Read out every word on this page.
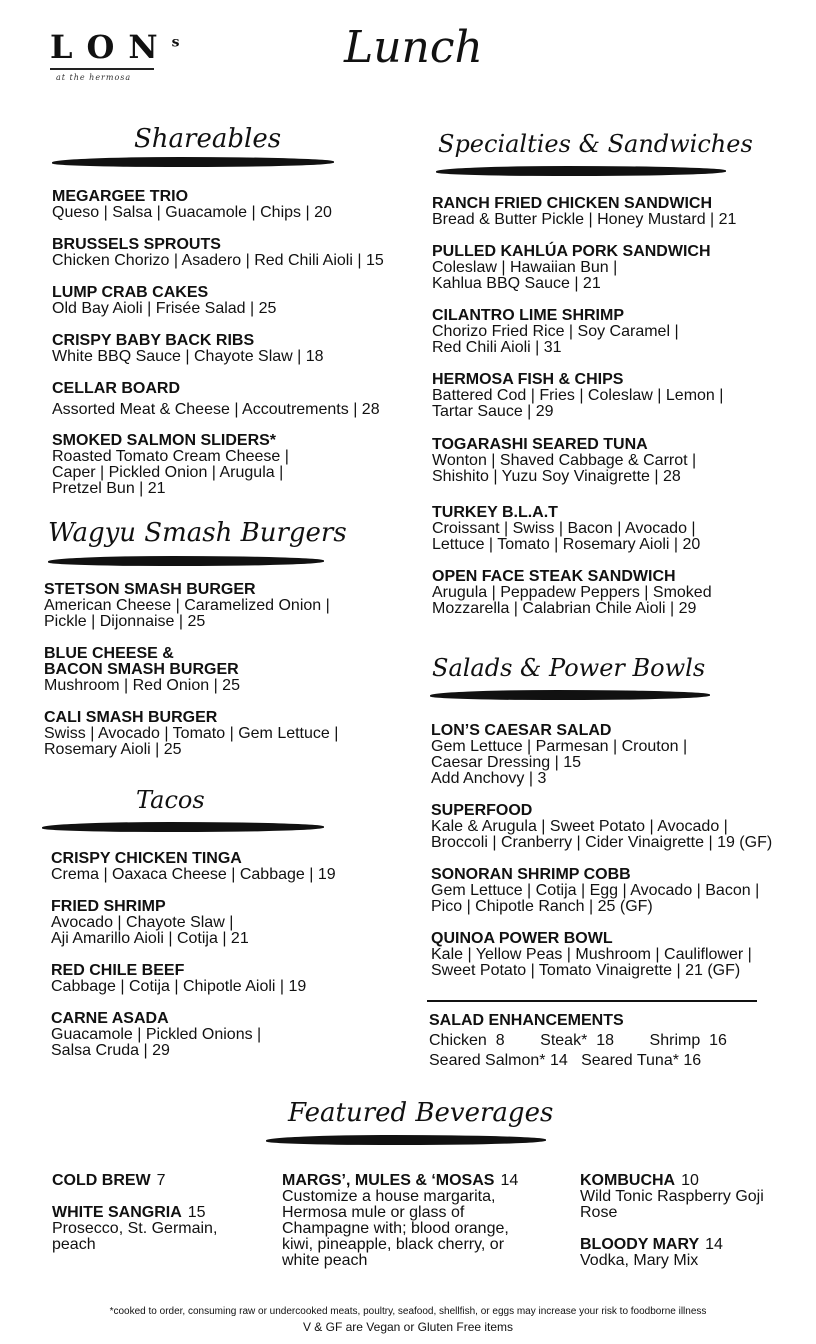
LON$^s$
at the hermosa
Lunch
Shareables
MEGARGEE TRIO
Queso | Salsa | Guacamole | Chips | 20
BRUSSELS SPROUTS
Chicken Chorizo | Asadero | Red Chili Aioli | 15
LUMP CRAB CAKES
Old Bay Aioli | Frisée Salad | 25
CRISPY BABY BACK RIBS
White BBQ Sauce | Chayote Slaw | 18
CELLAR BOARD
Assorted Meat & Cheese | Accoutrements | 28
SMOKED SALMON SLIDERS*
Roasted Tomato Cream Cheese |
Caper | Pickled Onion | Arugula |
Pretzel Bun | 21
Wagyu Smash Burgers
STETSON SMASH BURGER
American Cheese | Caramelized Onion |
Pickle | Dijonnaise | 25
BLUE CHEESE &
BACON SMASH BURGER
Mushroom | Red Onion | 25
CALI SMASH BURGER
Swiss | Avocado | Tomato | Gem Lettuce |
Rosemary Aioli | 25
Tacos
CRISPY CHICKEN TINGA
Crema | Oaxaca Cheese | Cabbage | 19
FRIED SHRIMP
Avocado | Chayote Slaw |
Aji Amarillo Aioli | Cotija | 21
RED CHILE BEEF
Cabbage | Cotija | Chipotle Aioli | 19
CARNE ASADA
Guacamole | Pickled Onions |
Salsa Cruda | 29
Specialties & Sandwiches
RANCH FRIED CHICKEN SANDWICH
Bread & Butter Pickle | Honey Mustard | 21
PULLED KAHLÚA PORK SANDWICH
Coleslaw | Hawaiian Bun |
Kahlua BBQ Sauce | 21
CILANTRO LIME SHRIMP
Chorizo Fried Rice | Soy Caramel |
Red Chili Aioli | 31
HERMOSA FISH & CHIPS
Battered Cod | Fries | Coleslaw | Lemon |
Tartar Sauce | 29
TOGARASHI SEARED TUNA
Wonton | Shaved Cabbage & Carrot |
Shishito | Yuzu Soy Vinaigrette | 28
TURKEY B.L.A.T
Croissant | Swiss | Bacon | Avocado |
Lettuce | Tomato | Rosemary Aioli | 20
OPEN FACE STEAK SANDWICH
Arugula | Peppadew Peppers | Smoked
Mozzarella | Calabrian Chile Aioli | 29
Salads & Power Bowls
LON’S CAESAR SALAD
Gem Lettuce | Parmesan | Crouton |
Caesar Dressing | 15
Add Anchovy | 3
SUPERFOOD
Kale & Arugula | Sweet Potato | Avocado |
Broccoli | Cranberry | Cider Vinaigrette | 19 (GF)
SONORAN SHRIMP COBB
Gem Lettuce | Cotija | Egg | Avocado | Bacon |
Pico | Chipotle Ranch | 25 (GF)
QUINOA POWER BOWL
Kale | Yellow Peas | Mushroom | Cauliflower |
Sweet Potato | Tomato Vinaigrette | 21 (GF)
SALAD ENHANCEMENTS
Chicken  8        Steak*  18        Shrimp  16
Seared Salmon* 14   Seared Tuna* 16
Featured Beverages
COLD BREW 7
WHITE SANGRIA 15
Prosecco, St. Germain,
peach
MARGS’, MULES & ‘MOSAS 14
Customize a house margarita,
Hermosa mule or glass of
Champagne with; blood orange,
kiwi, pineapple, black cherry, or
white peach
KOMBUCHA 10
Wild Tonic Raspberry Goji
Rose
BLOODY MARY 14
Vodka, Mary Mix
*cooked to order, consuming raw or undercooked meats, poultry, seafood, shellfish, or eggs may increase your risk to foodborne illness
V & GF are Vegan or Gluten Free items
